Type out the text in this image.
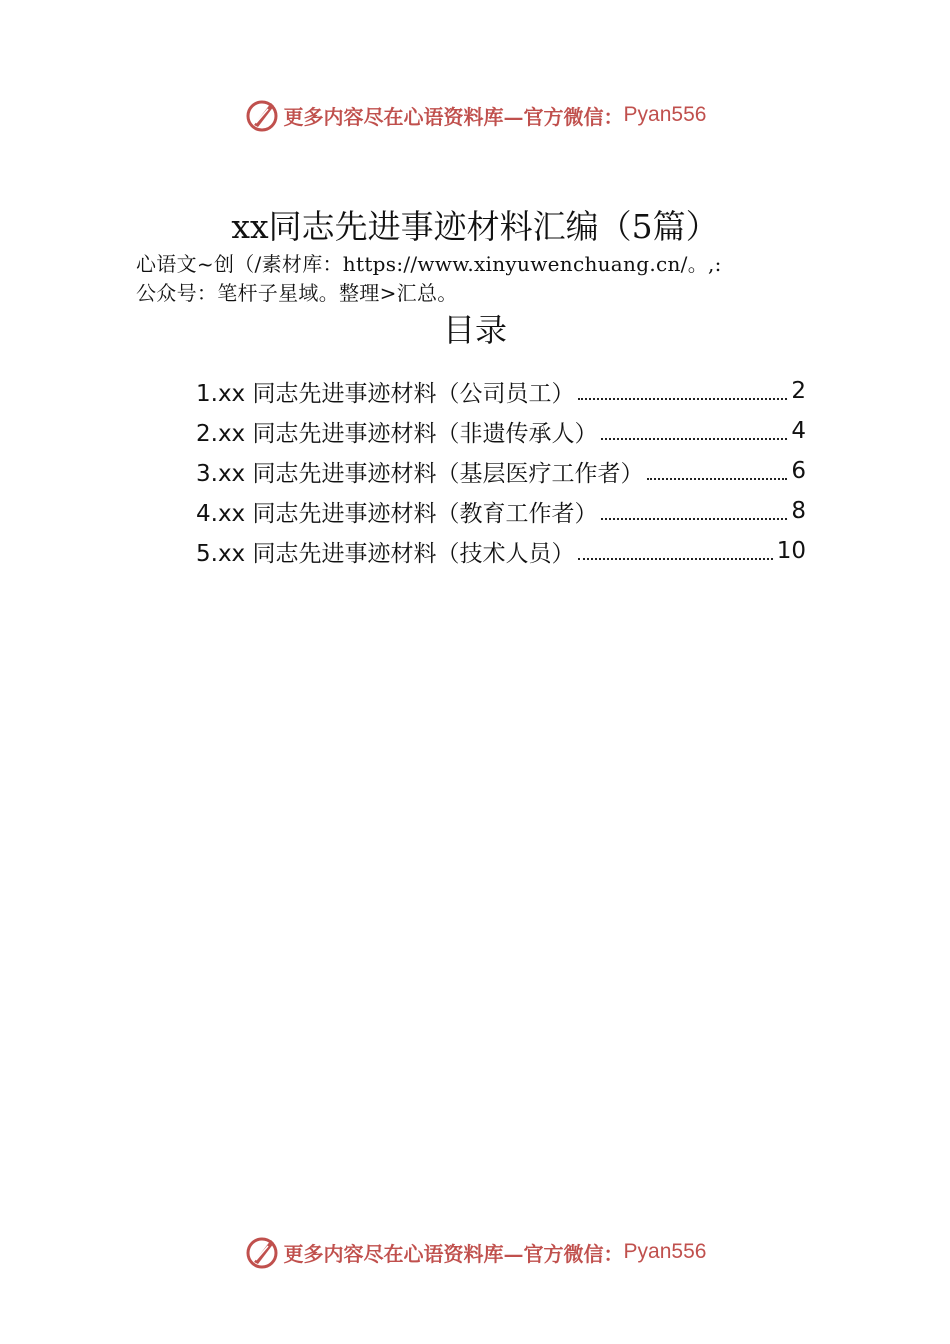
更多内容尽在心语资料库—官方微信： Pyan556
xx同志先进事迹材料汇编（5篇）
心语文~创（/素材库：https://www.xinyuwenchuang.cn/。,:
公众号：笔杆子星域。整理>汇总。
目录
1.xx 同志先进事迹材料（公司员工）	2
2.xx 同志先进事迹材料（非遗传承人）	4
3.xx 同志先进事迹材料（基层医疗工作者）	6
4.xx 同志先进事迹材料（教育工作者）	8
5.xx 同志先进事迹材料（技术人员）	10
更多内容尽在心语资料库—官方微信： Pyan556
